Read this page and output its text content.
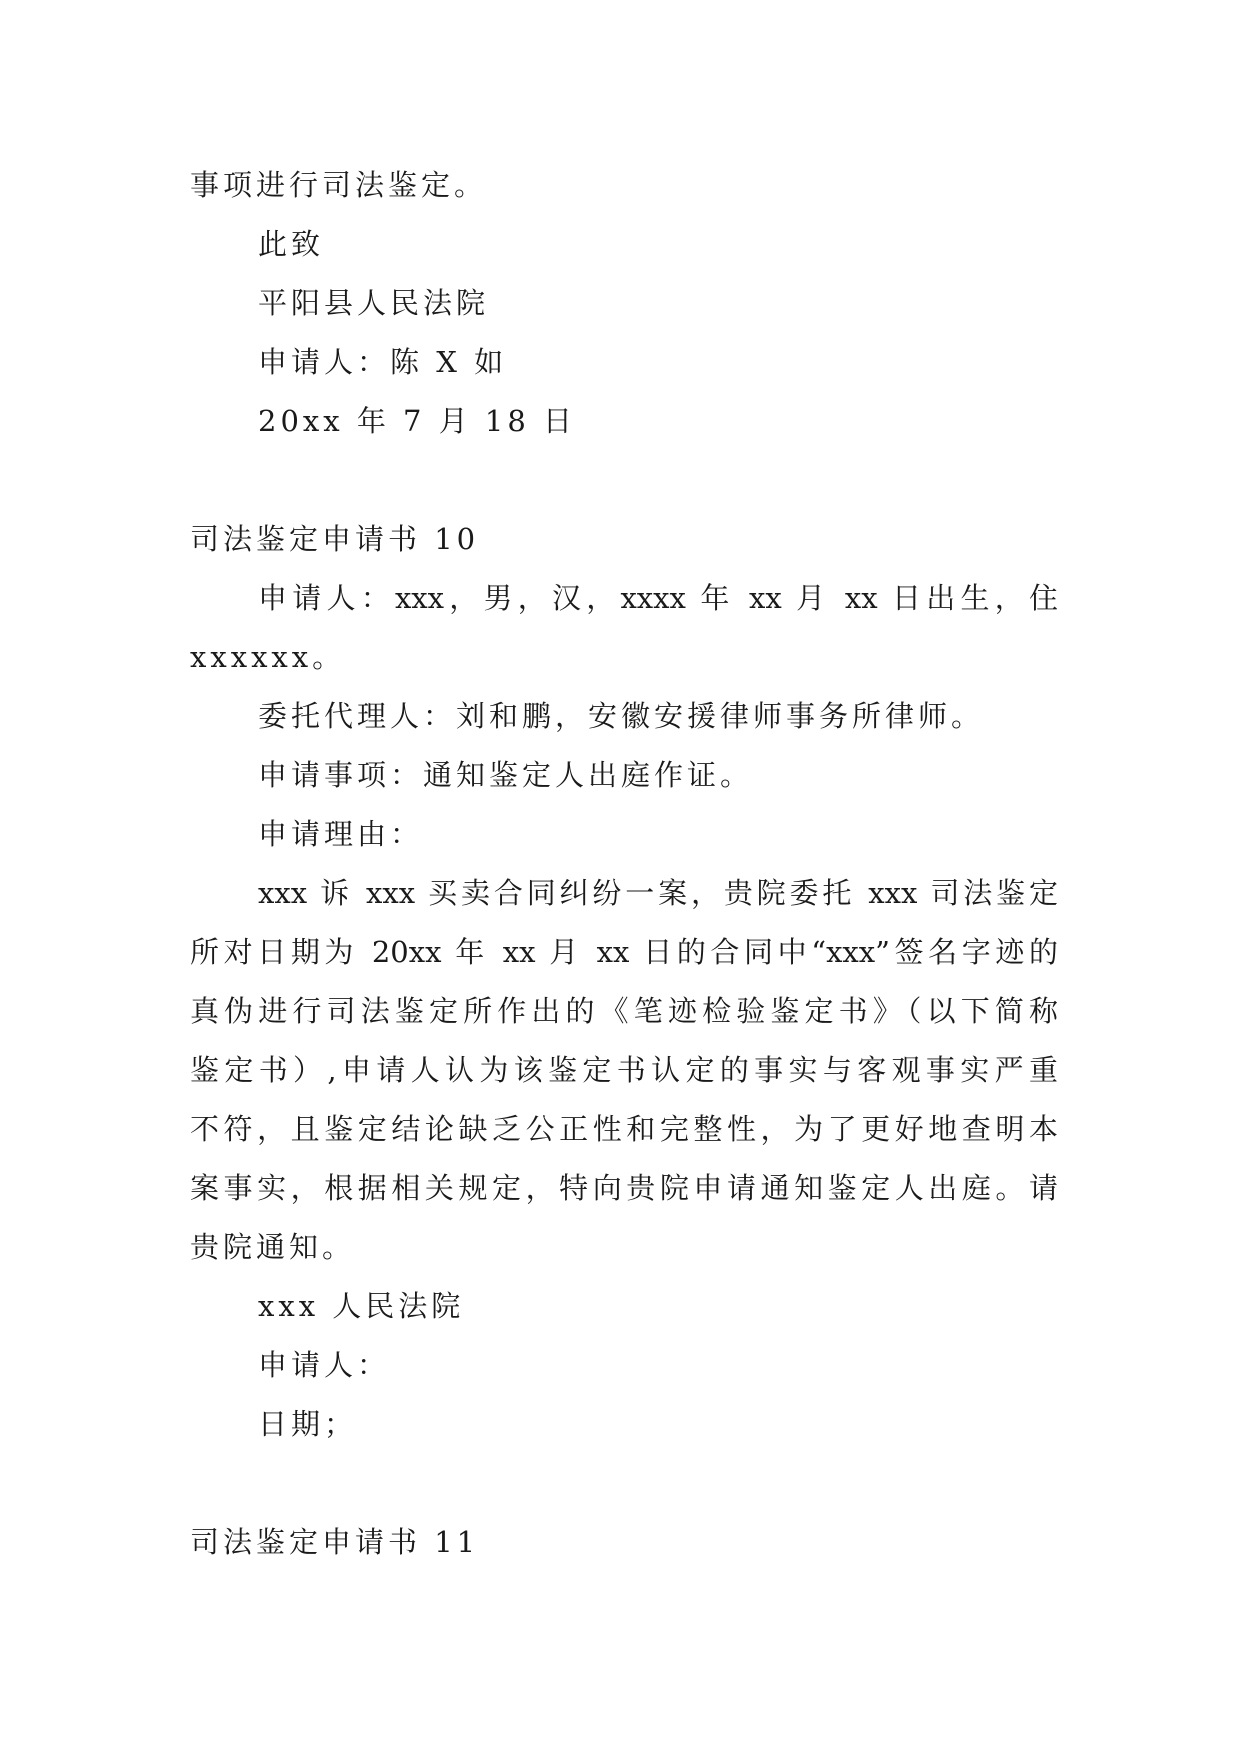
事项进行司法鉴定。
此致
平阳县人民法院
申请人：陈 X 如
20xx 年 7 月 18 日
司法鉴定申请书 10
申请人：xxx，男，汉，xxxx 年 xx 月 xx 日出生，住
xxxxxx。
委托代理人：刘和鹏，安徽安援律师事务所律师。
申请事项：通知鉴定人出庭作证。
申请理由：
xxx 诉 xxx 买卖合同纠纷一案，贵院委托 xxx 司法鉴定
所对日期为 20xx 年 xx 月 xx 日的合同中“xxx”签名字迹的
真伪进行司法鉴定所作出的《笔迹检验鉴定书》（以下简称
鉴定书）,申请人认为该鉴定书认定的事实与客观事实严重
不符，且鉴定结论缺乏公正性和完整性，为了更好地查明本
案事实，根据相关规定，特向贵院申请通知鉴定人出庭。请
贵院通知。
xxx 人民法院
申请人：
日期；
司法鉴定申请书 11
